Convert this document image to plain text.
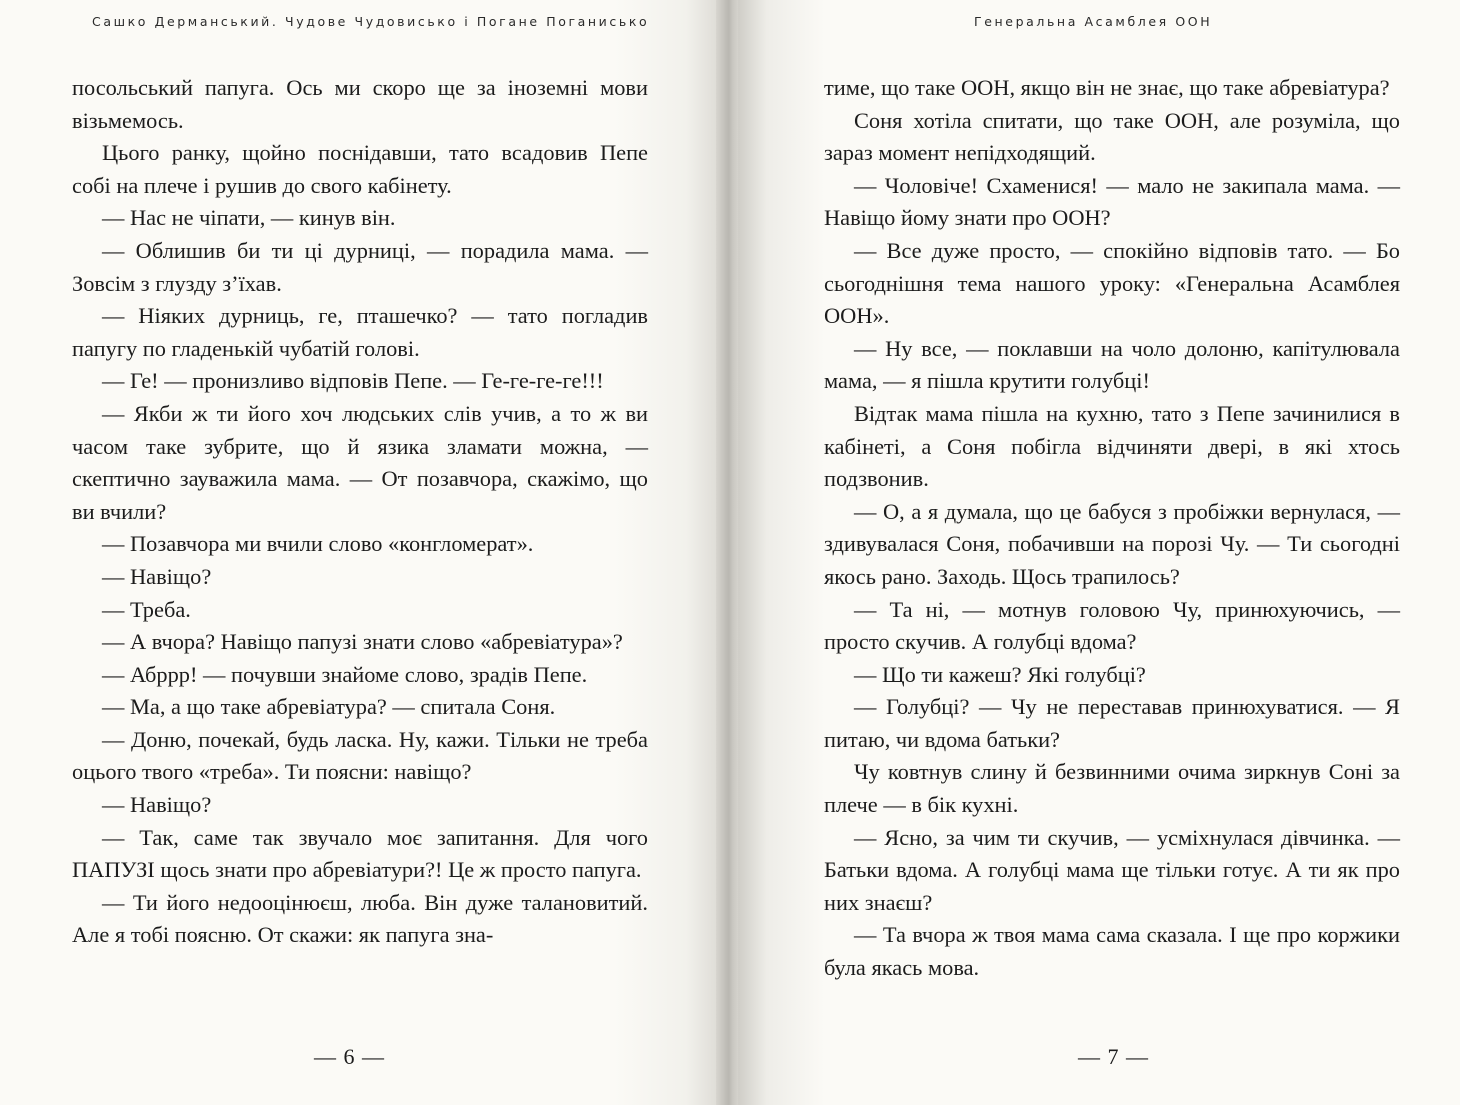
Сашко Дерманський. Чудове Чудовисько і Погане Поганисько

посольський папуга. Ось ми скоро ще за іноземні мови візьмемось.

Цього ранку, щойно поснідавши, тато всадовив Пепе собі на плече і рушив до свого кабінету.

— Нас не чіпати, — кинув він.

— Облишив би ти ці дурниці, — порадила мама. — Зовсім з глузду з’їхав.

— Ніяких дурниць, ге, пташечко? — тато погладив папугу по гладенькій чубатій голові.

— Ге! — пронизливо відповів Пепе. — Ге-ге-ге-ге!!!

— Якби ж ти його хоч людських слів учив, а то ж ви часом таке зубрите, що й язика зламати можна, — скептично зауважила мама. — От позавчора, скажімо, що ви вчили?

— Позавчора ми вчили слово «конгломерат».

— Навіщо?

— Треба.

— А вчора? Навіщо папузі знати слово «абревіатура»?

— Абррр! — почувши знайоме слово, зрадів Пепе.

— Ма, а що таке абревіатура? — спитала Соня.

— Доню, почекай, будь ласка. Ну, кажи. Тільки не треба оцього твого «треба». Ти поясни: навіщо?

— Навіщо?

— Так, саме так звучало моє запитання. Для чого ПАПУЗІ щось знати про абревіатури?! Це ж просто папуга.

— Ти його недооцінюєш, люба. Він дуже талановитий. Але я тобі поясню. От скажи: як папуга зна-

— 6 —
Генеральна Асамблея ООН

тиме, що таке ООН, якщо він не знає, що таке абревіатура?

Соня хотіла спитати, що таке ООН, але розуміла, що зараз момент непідходящий.

— Чоловіче! Схаменися! — мало не закипала мама. — Навіщо йому знати про ООН?

— Все дуже просто, — спокійно відповів тато. — Бо сьогоднішня тема нашого уроку: «Генеральна Асамблея ООН».

— Ну все, — поклавши на чоло долоню, капітулювала мама, — я пішла крутити голубці!

Відтак мама пішла на кухню, тато з Пепе зачинилися в кабінеті, а Соня побігла відчиняти двері, в які хтось подзвонив.

— О, а я думала, що це бабуся з пробіжки вернулася, — здивувалася Соня, побачивши на порозі Чу. — Ти сьогодні якось рано. Заходь. Щось трапилось?

— Та ні, — мотнув головою Чу, принюхуючись, — просто скучив. А голубці вдома?

— Що ти кажеш? Які голубці?

— Голубці? — Чу не переставав принюхуватися. — Я питаю, чи вдома батьки?

Чу ковтнув слину й безвинними очима зиркнув Соні за плече — в бік кухні.

— Ясно, за чим ти скучив, — усміхнулася дівчинка. — Батьки вдома. А голубці мама ще тільки готує. А ти як про них знаєш?

— Та вчора ж твоя мама сама сказала. І ще про коржики була якась мова.

— 7 —
